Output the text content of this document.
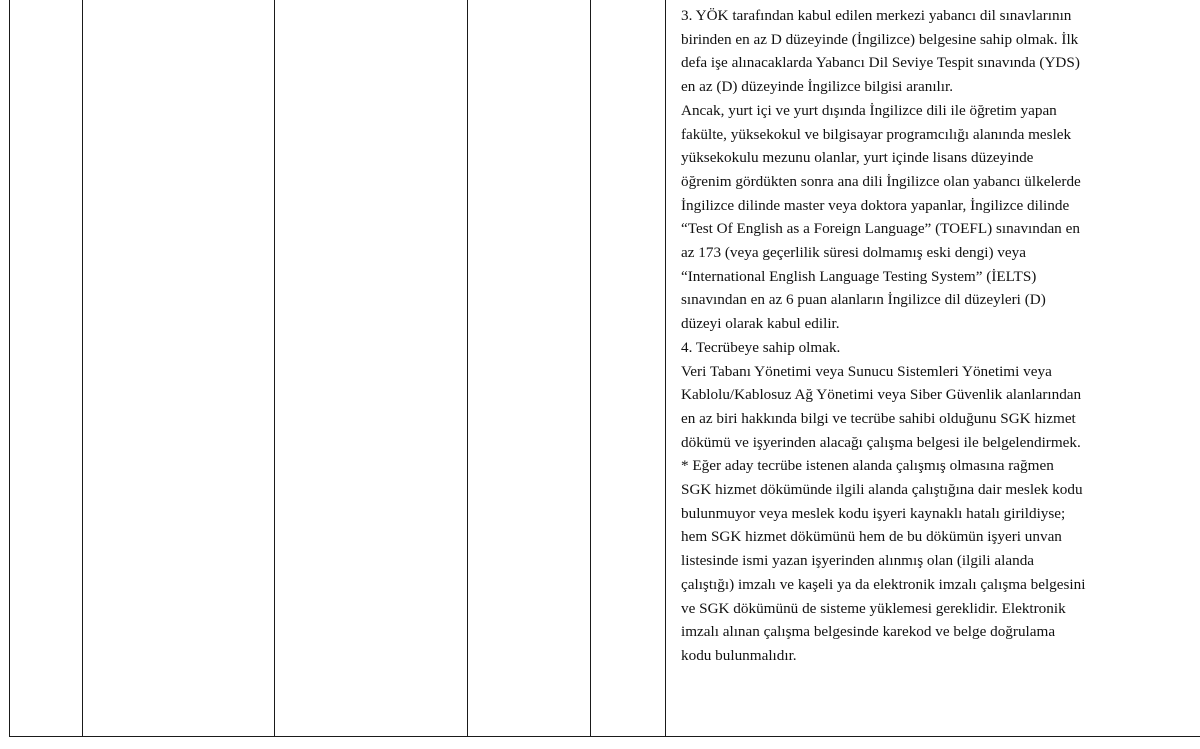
3. YÖK tarafından kabul edilen merkezi yabancı dil sınavlarının
birinden en az D düzeyinde (İngilizce) belgesine sahip olmak. İlk
defa işe alınacaklarda Yabancı Dil Seviye Tespit sınavında (YDS)
en az (D) düzeyinde İngilizce bilgisi aranılır.
Ancak, yurt içi ve yurt dışında İngilizce dili ile öğretim yapan
fakülte, yüksekokul ve bilgisayar programcılığı alanında meslek
yüksekokulu mezunu olanlar, yurt içinde lisans düzeyinde
öğrenim gördükten sonra ana dili İngilizce olan yabancı ülkelerde
İngilizce dilinde master veya doktora yapanlar, İngilizce dilinde
“Test Of English as a Foreign Language” (TOEFL) sınavından en
az 173 (veya geçerlilik süresi dolmamış eski dengi) veya
“International English Language Testing System” (İELTS)
sınavından en az 6 puan alanların İngilizce dil düzeyleri (D)
düzeyi olarak kabul edilir.
4. Tecrübeye sahip olmak.
Veri Tabanı Yönetimi veya Sunucu Sistemleri Yönetimi veya
Kablolu/Kablosuz Ağ Yönetimi veya Siber Güvenlik alanlarından
en az biri hakkında bilgi ve tecrübe sahibi olduğunu SGK hizmet
dökümü ve işyerinden alacağı çalışma belgesi ile belgelendirmek.
* Eğer aday tecrübe istenen alanda çalışmış olmasına rağmen
SGK hizmet dökümünde ilgili alanda çalıştığına dair meslek kodu
bulunmuyor veya meslek kodu işyeri kaynaklı hatalı girildiyse;
hem SGK hizmet dökümünü hem de bu dökümün işyeri unvan
listesinde ismi yazan işyerinden alınmış olan (ilgili alanda
çalıştığı) imzalı ve kaşeli ya da elektronik imzalı çalışma belgesini
ve SGK dökümünü de sisteme yüklemesi gereklidir. Elektronik
imzalı alınan çalışma belgesinde karekod ve belge doğrulama
kodu bulunmalıdır.
